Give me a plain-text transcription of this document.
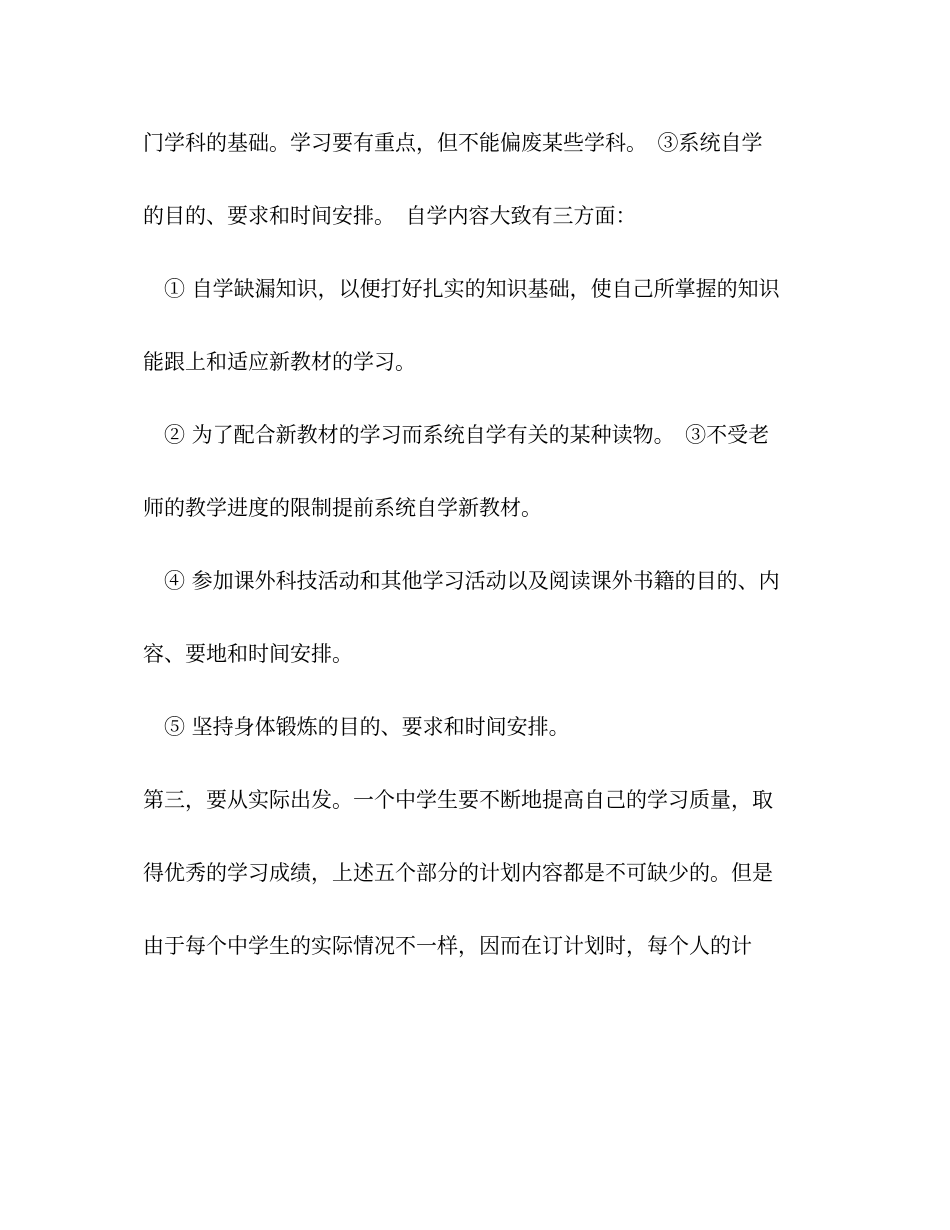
门学科的基础。学习要有重点，但不能偏废某些学科。　③系统自学
的目的、要求和时间安排。　自学内容大致有三方面：
　① 自学缺漏知识，以便打好扎实的知识基础，使自己所掌握的知识
能跟上和适应新教材的学习。
　② 为了配合新教材的学习而系统自学有关的某种读物。　③不受老
师的教学进度的限制提前系统自学新教材。
　④ 参加课外科技活动和其他学习活动以及阅读课外书籍的目的、内
容、要地和时间安排。
　⑤ 坚持身体锻炼的目的、要求和时间安排。
第三，要从实际出发。一个中学生要不断地提高自己的学习质量，取
得优秀的学习成绩，上述五个部分的计划内容都是不可缺少的。但是
由于每个中学生的实际情况不一样，因而在订计划时，每个人的计
